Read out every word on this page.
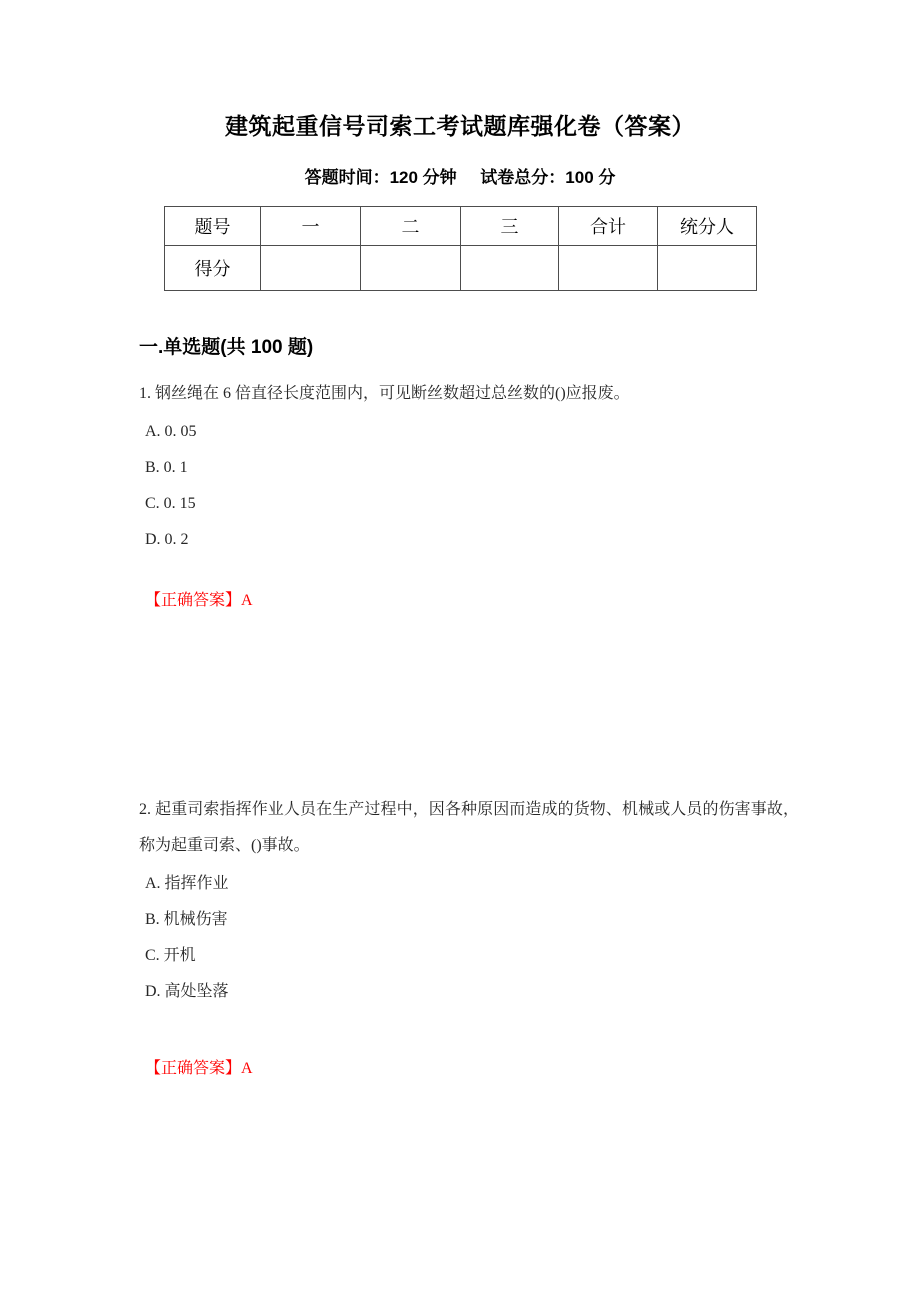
建筑起重信号司索工考试题库强化卷（答案）
答题时间：120 分钟     试卷总分：100 分
题号	一	二	三	合计	统分人
得分					
一.单选题(共 100 题)

1. 钢丝绳在 6 倍直径长度范围内，可见断丝数超过总丝数的()应报废。

A. 0. 05

B. 0. 1

C. 0. 15

D. 0. 2

【正确答案】A

2. 起重司索指挥作业人员在生产过程中，因各种原因而造成的货物、机械或人员的伤害事故，称为起重司索、()事故。

A. 指挥作业

B. 机械伤害

C. 开机

D. 高处坠落

【正确答案】A
